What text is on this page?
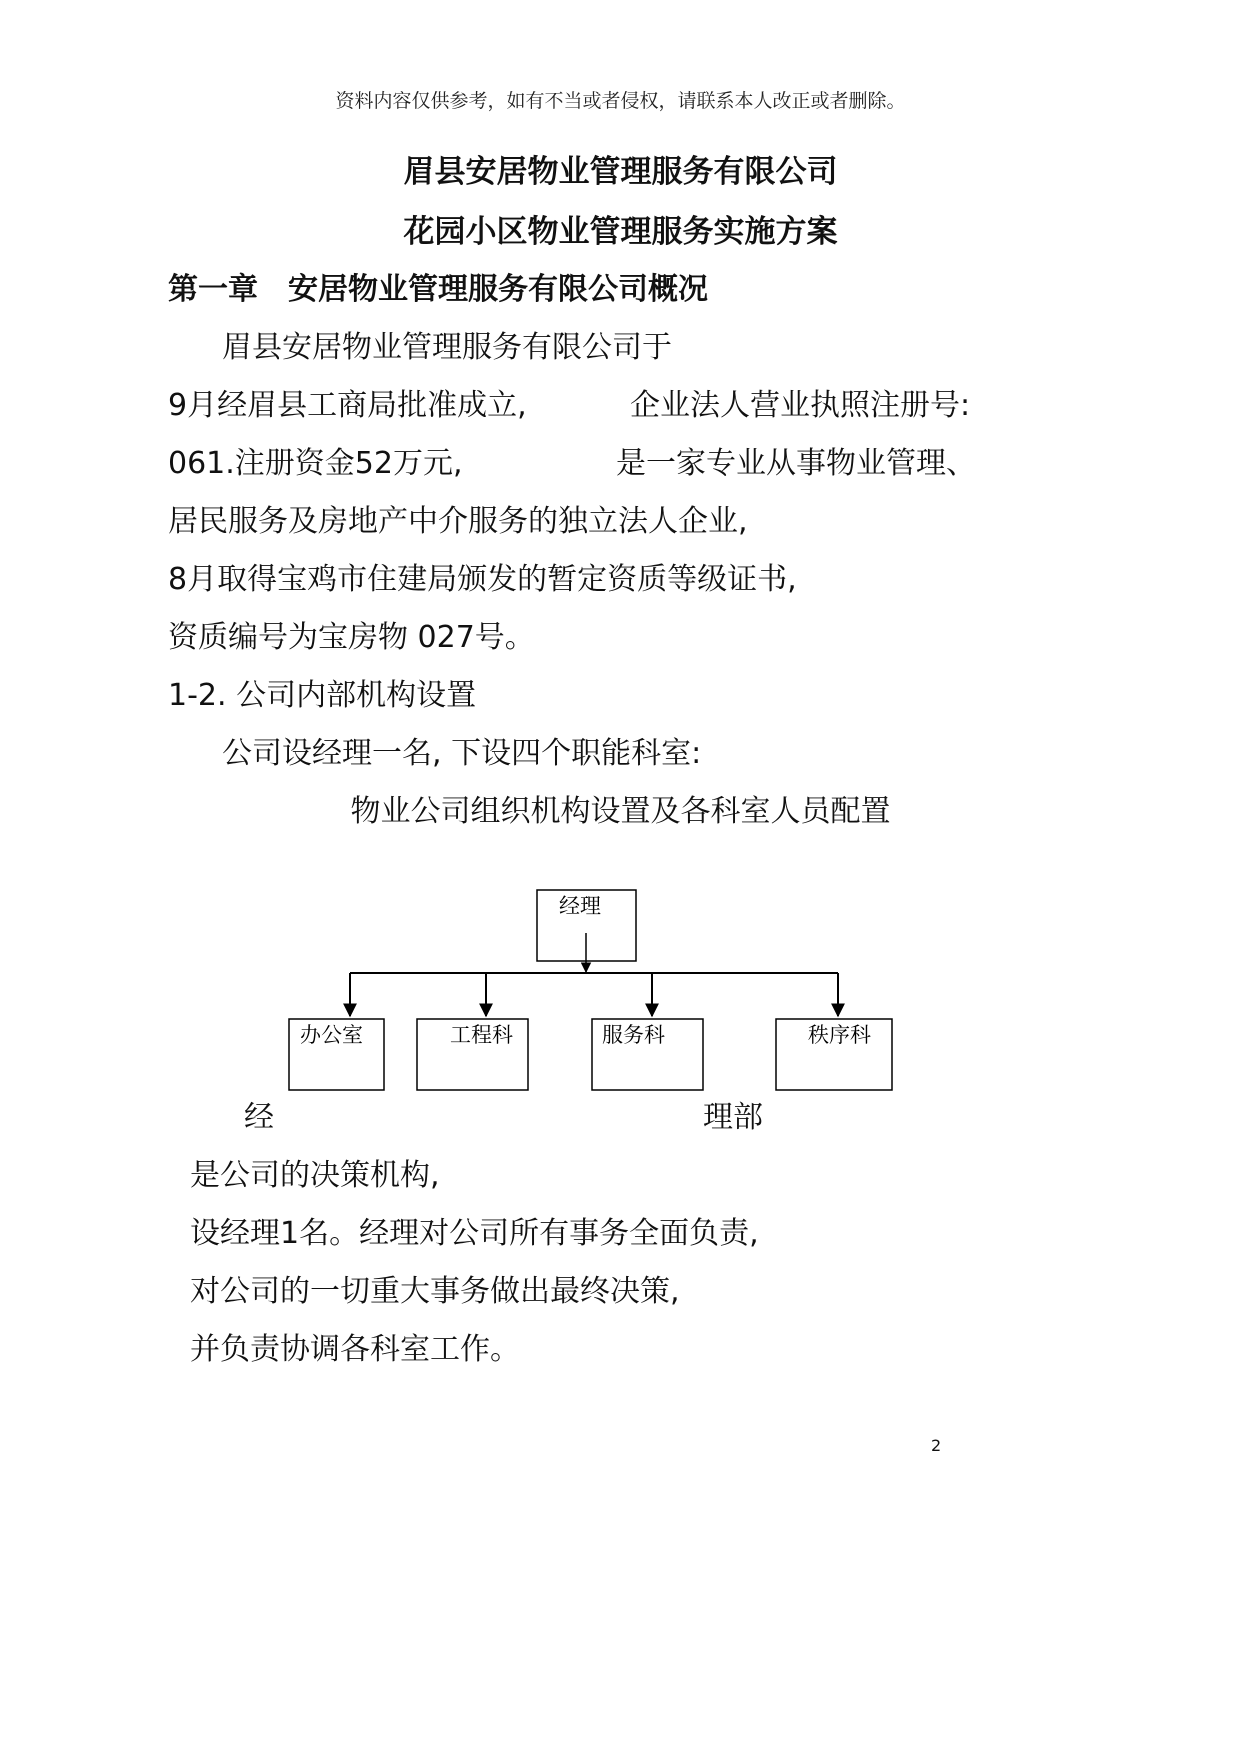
资料内容仅供参考，如有不当或者侵权，请联系本人改正或者删除。
眉县安居物业管理服务有限公司
花园小区物业管理服务实施方案
第一章　安居物业管理服务有限公司概况
眉县安居物业管理服务有限公司于
9月经眉县工商局批准成立,	企业法人营业执照注册号:
061.注册资金52万元,	是一家专业从事物业管理、
居民服务及房地产中介服务的独立法人企业,
8月取得宝鸡市住建局颁发的暂定资质等级证书,
资质编号为宝房物 027号。
1-2. 公司内部机构设置
公司设经理一名, 下设四个职能科室:
物业公司组织机构设置及各科室人员配置
经理
办公室	工程科	服务科	秩序科
经	理部
是公司的决策机构,
设经理1名。经理对公司所有事务全面负责,
对公司的一切重大事务做出最终决策,
并负责协调各科室工作。
2
